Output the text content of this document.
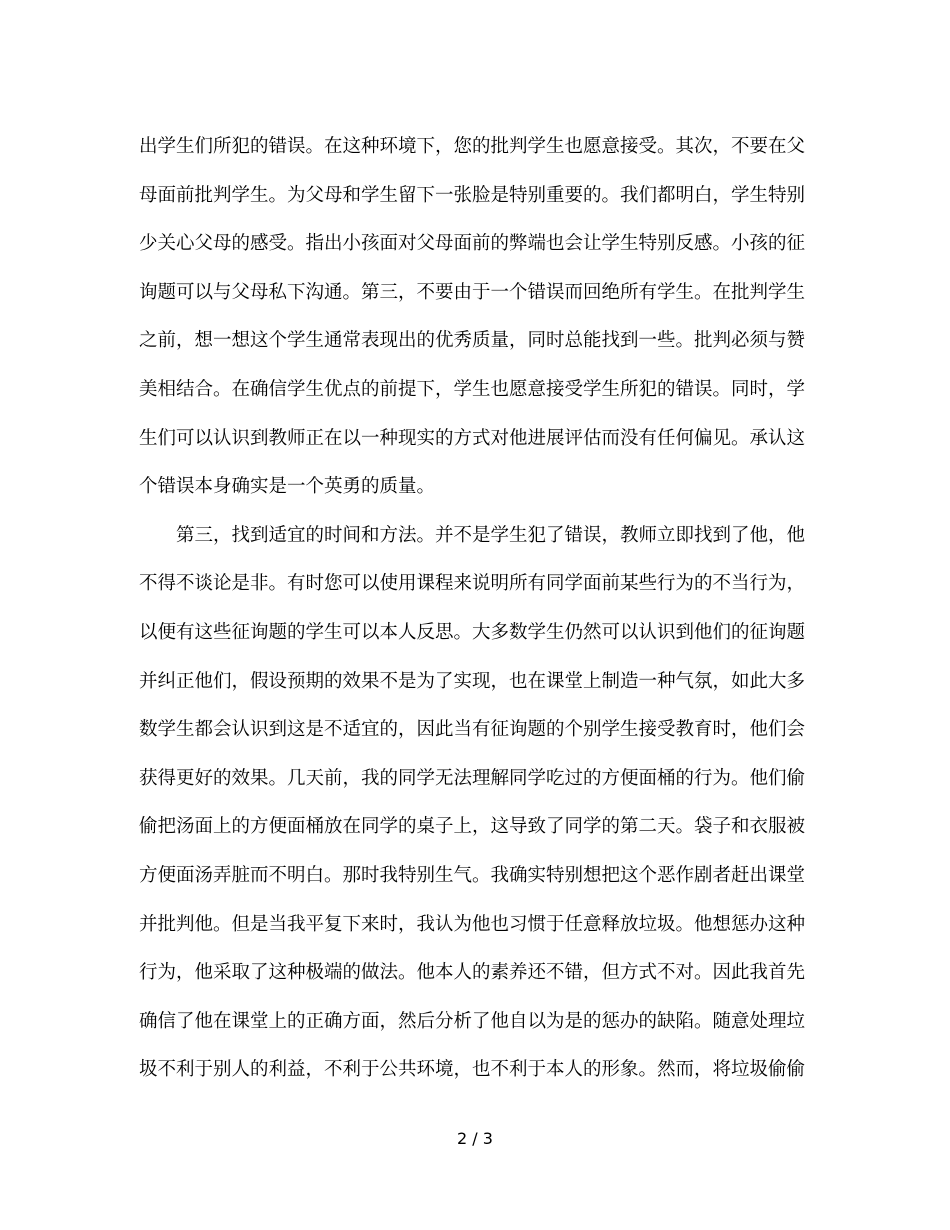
出学生们所犯的错误。在这种环境下，您的批判学生也愿意接受。其次，不要在父
母面前批判学生。为父母和学生留下一张脸是特别重要的。我们都明白，学生特别
少关心父母的感受。指出小孩面对父母面前的弊端也会让学生特别反感。小孩的征
询题可以与父母私下沟通。第三，不要由于一个错误而回绝所有学生。在批判学生
之前，想一想这个学生通常表现出的优秀质量，同时总能找到一些。批判必须与赞
美相结合。在确信学生优点的前提下，学生也愿意接受学生所犯的错误。同时，学
生们可以认识到教师正在以一种现实的方式对他进展评估而没有任何偏见。承认这
个错误本身确实是一个英勇的质量。
第三，找到适宜的时间和方法。并不是学生犯了错误，教师立即找到了他，他
不得不谈论是非。有时您可以使用课程来说明所有同学面前某些行为的不当行为，
以便有这些征询题的学生可以本人反思。大多数学生仍然可以认识到他们的征询题
并纠正他们，假设预期的效果不是为了实现，也在课堂上制造一种气氛，如此大多
数学生都会认识到这是不适宜的，因此当有征询题的个别学生接受教育时，他们会
获得更好的效果。几天前，我的同学无法理解同学吃过的方便面桶的行为。他们偷
偷把汤面上的方便面桶放在同学的桌子上，这导致了同学的第二天。袋子和衣服被
方便面汤弄脏而不明白。那时我特别生气。我确实特别想把这个恶作剧者赶出课堂
并批判他。但是当我平复下来时，我认为他也习惯于任意释放垃圾。他想惩办这种
行为，他采取了这种极端的做法。他本人的素养还不错，但方式不对。因此我首先
确信了他在课堂上的正确方面，然后分析了他自以为是的惩办的缺陷。随意处理垃
圾不利于别人的利益，不利于公共环境，也不利于本人的形象。然而，将垃圾偷偷
2 / 3
